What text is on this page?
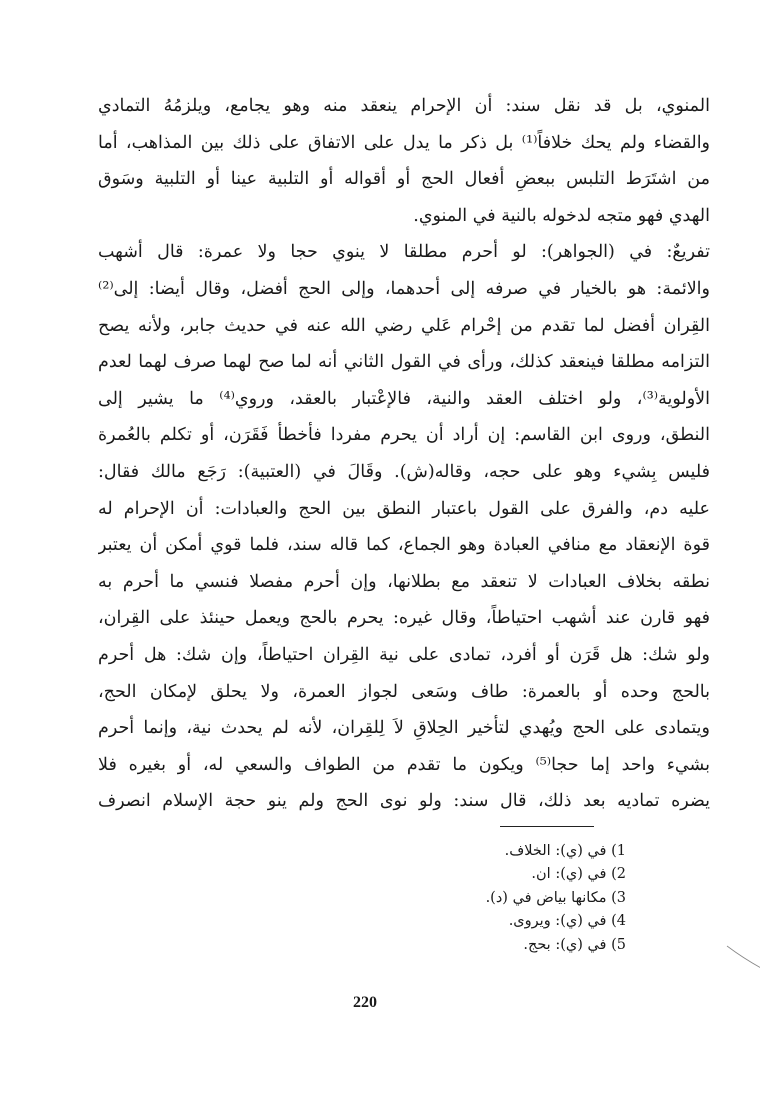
المنوي، بل قد نقل سند: أن الإحرام ينعقد منه وهو يجامع، ويلزمُهُ التمادي
والقضاء ولم يحك خلافاً⁽¹⁾ بل ذكر ما يدل على الاتفاق على ذلك بين المذاهب، أما
من اشتَرَط التلبس ببعضِ أفعال الحج أو أقواله أو التلبية عينا أو التلبية وسَوق
الهدي فهو متجه لدخوله بالنية في المنوي.
تفريعٌ: في (الجواهر): لو أحرم مطلقا لا ينوي حجا ولا عمرة: قال أشهب
والائمة: هو بالخيار في صرفه إلى أحدهما، وإلى الحج أفضل، وقال أيضا: إلى⁽²⁾
القِران أفضل لما تقدم من إحْرام عَلي رضي الله عنه في حديث جابر، ولأنه يصح
التزامه مطلقا فينعقد كذلك، ورأى في القول الثاني أنه لما صح لهما صرف لهما لعدم
الأولوية⁽³⁾، ولو اختلف العقد والنية، فالإعْتبار بالعقد، وروي⁽⁴⁾ ما يشير إلى
النطق، وروى ابن القاسم: إن أراد أن يحرم مفردا فأخطأ فَقَرَن، أو تكلم بالعُمرة
فليس بِشيء وهو على حجه، وقاله(ش). وقَالَ في (العتبية): رَجَع مالك فقال:
عليه دم، والفرق على القول باعتبار النطق بين الحج والعبادات: أن الإحرام له
قوة الإنعقاد مع منافي العبادة وهو الجماع، كما قاله سند، فلما قوي أمكن أن يعتبر
نطقه بخلاف العبادات لا تنعقد مع بطلانها، وإن أحرم مفصلا فنسي ما أحرم به
فهو قارن عند أشهب احتياطاً، وقال غيره: يحرم بالحج ويعمل حينئذ على القِران،
ولو شك: هل قَرَن أو أفرد، تمادى على نية القِران احتياطاً، وإن شك: هل أحرم
بالحج وحده أو بالعمرة: طاف وسَعى لجواز العمرة، ولا يحلق لإمكان الحج،
ويتمادى على الحج ويُهدي لتأخير الحِلاقِ لاَ لِلقِران، لأنه لم يحدث نية، وإنما أحرم
بشيء واحد إما حجا⁽⁵⁾ ويكون ما تقدم من الطواف والسعي له، أو بغيره فلا
يضره تماديه بعد ذلك، قال سند: ولو نوى الحج ولم ينو حجة الإسلام انصرف
1) في (ي): الخلاف.
2) في (ي): ان.
3) مكانها بياض في (د).
4) في (ي): ويروى.
5) في (ي): بحج.
220
